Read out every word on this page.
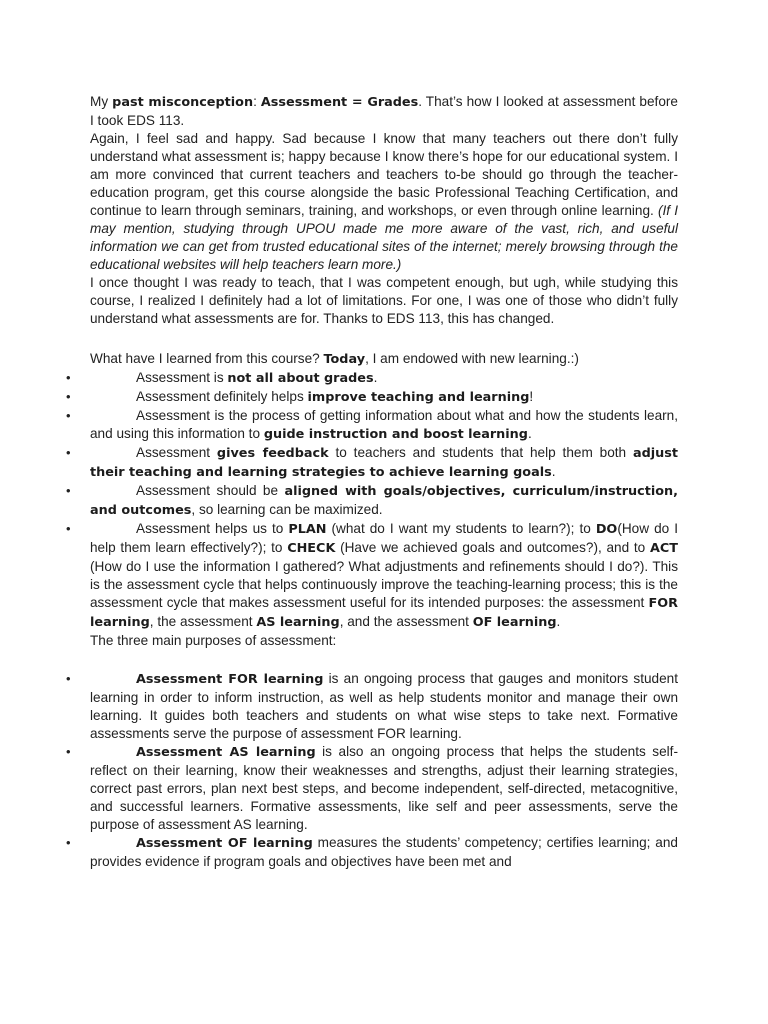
My past misconception: Assessment = Grades. That’s how I looked at assessment before I took EDS 113.

Again, I feel sad and happy. Sad because I know that many teachers out there don’t fully understand what assessment is; happy because I know there’s hope for our educational system. I am more convinced that current teachers and teachers to-be should go through the teacher-education program, get this course alongside the basic Professional Teaching Certification, and continue to learn through seminars, training, and workshops, or even through online learning. (If I may mention, studying through UPOU made me more aware of the vast, rich, and useful information we can get from trusted educational sites of the internet; merely browsing through the educational websites will help teachers learn more.)

I once thought I was ready to teach, that I was competent enough, but ugh, while studying this course, I realized I definitely had a lot of limitations. For one, I was one of those who didn’t fully understand what assessments are for. Thanks to EDS 113, this has changed.

What have I learned from this course? Today, I am endowed with new learning.:)

• Assessment is not all about grades.
• Assessment definitely helps improve teaching and learning!
• Assessment is the process of getting information about what and how the students learn, and using this information to guide instruction and boost learning.
• Assessment gives feedback to teachers and students that help them both adjust their teaching and learning strategies to achieve learning goals.
• Assessment should be aligned with goals/objectives, curriculum/instruction, and outcomes, so learning can be maximized.
• Assessment helps us to PLAN (what do I want my students to learn?); to DO(How do I help them learn effectively?); to CHECK (Have we achieved goals and outcomes?), and to ACT (How do I use the information I gathered? What adjustments and refinements should I do?). This is the assessment cycle that helps continuously improve the teaching-learning process; this is the assessment cycle that makes assessment useful for its intended purposes: the assessment FOR learning, the assessment AS learning, and the assessment OF learning.
The three main purposes of assessment:
• Assessment FOR learning is an ongoing process that gauges and monitors student learning in order to inform instruction, as well as help students monitor and manage their own learning. It guides both teachers and students on what wise steps to take next. Formative assessments serve the purpose of assessment FOR learning.
• Assessment AS learning is also an ongoing process that helps the students self-reflect on their learning, know their weaknesses and strengths, adjust their learning strategies, correct past errors, plan next best steps, and become independent, self-directed, metacognitive, and successful learners. Formative assessments, like self and peer assessments, serve the purpose of assessment AS learning.
• Assessment OF learning measures the students’ competency; certifies learning; and provides evidence if program goals and objectives have been met and
